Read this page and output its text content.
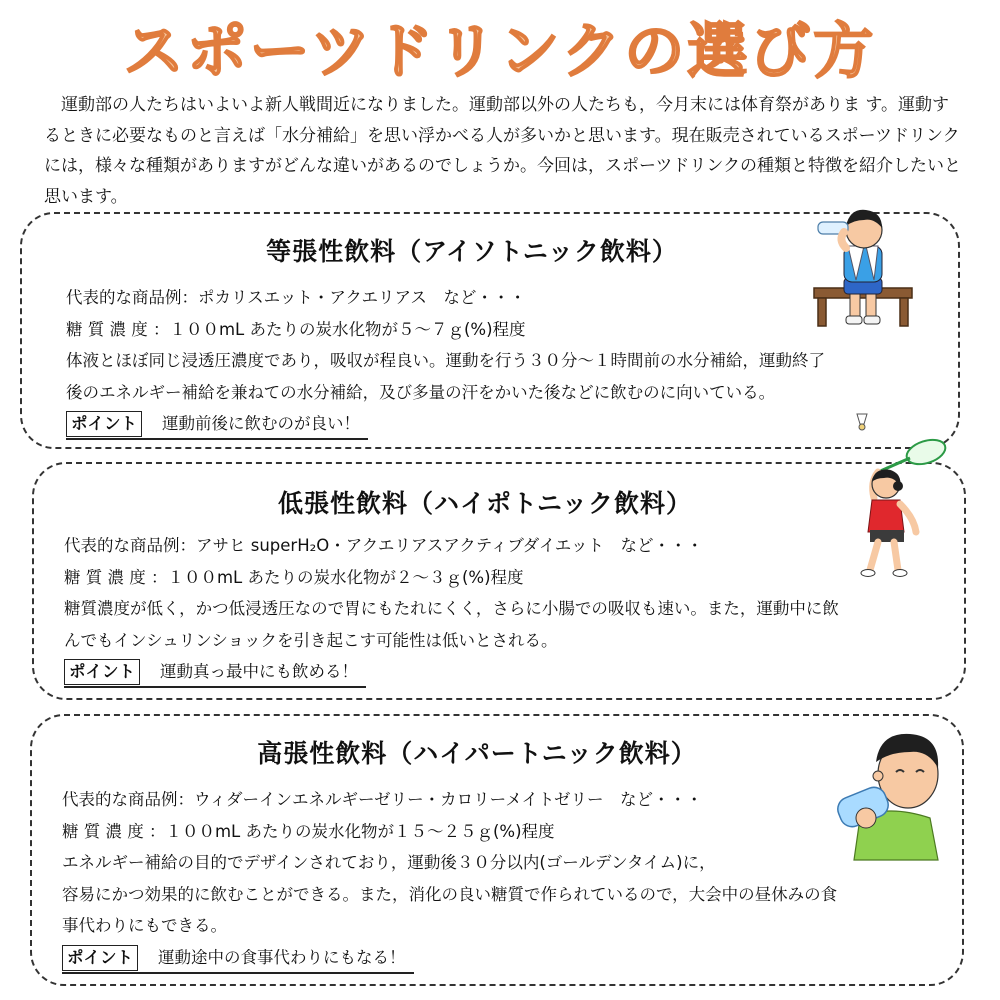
スポーツドリンクの選び方

運動部の人たちはいよいよ新人戦間近になりました。運動部以外の人たちも，今月末には体育祭がありま す。運動するときに必要なものと言えば「水分補給」を思い浮かべる人が多いかと思います。現在販売されているスポーツドリンクには，様々な種類がありますがどんな違いがあるのでしょうか。今回は，スポーツドリンクの種類と特徴を紹介したいと思います。

等張性飲料（アイソトニック飲料）
代表的な商品例：ポカリスエット・アクエリアス　など・・・
糖 質 濃 度 ：１００mL あたりの炭水化物が５～７ｇ(%)程度
体液とほぼ同じ浸透圧濃度であり，吸収が程良い。運動を行う３０分～１時間前の水分補給，運動終了
後のエネルギー補給を兼ねての水分補給，及び多量の汗をかいた後などに飲むのに向いている。
ポイント 運動前後に飲むのが良い！
低張性飲料（ハイポトニック飲料）
代表的な商品例：アサヒ superH₂O・アクエリアスアクティブダイエット　など・・・
糖 質 濃 度 ：１００mL あたりの炭水化物が２～３ｇ(%)程度
糖質濃度が低く，かつ低浸透圧なので胃にもたれにくく，さらに小腸での吸収も速い。また，運動中に飲
んでもインシュリンショックを引き起こす可能性は低いとされる。
ポイント 運動真っ最中にも飲める！
高張性飲料（ハイパートニック飲料）
代表的な商品例：ウィダーインエネルギーゼリー・カロリーメイトゼリー　など・・・
糖 質 濃 度 ：１００mL あたりの炭水化物が１５～２５ｇ(%)程度
エネルギー補給の目的でデザインされており，運動後３０分以内(ゴールデンタイム)に，
容易にかつ効果的に飲むことができる。また，消化の良い糖質で作られているので，大会中の昼休みの食
事代わりにもできる。
ポイント 運動途中の食事代わりにもなる！
